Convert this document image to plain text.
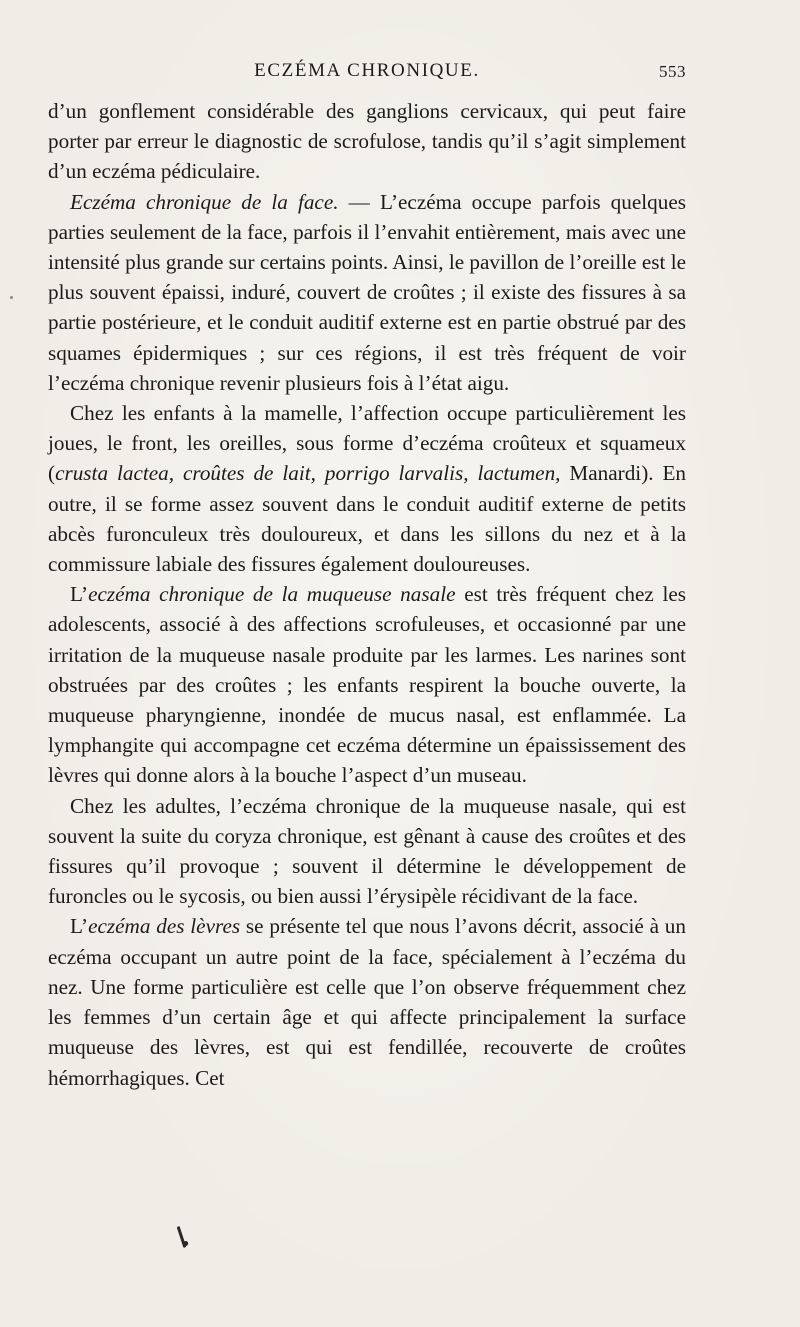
ECZÉMA CHRONIQUE.	553

d’un gonflement considérable des ganglions cervicaux, qui peut faire porter par erreur le diagnostic de scrofulose, tandis qu’il s’agit simplement d’un eczéma pédiculaire.

Eczéma chronique de la face. — L’eczéma occupe parfois quelques parties seulement de la face, parfois il l’envahit entièrement, mais avec une intensité plus grande sur certains points. Ainsi, le pavillon de l’oreille est le plus souvent épaissi, induré, couvert de croûtes ; il existe des fissures à sa partie postérieure, et le conduit auditif externe est en partie obstrué par des squames épidermiques ; sur ces régions, il est très fréquent de voir l’eczéma chronique revenir plusieurs fois à l’état aigu.

Chez les enfants à la mamelle, l’affection occupe particulièrement les joues, le front, les oreilles, sous forme d’eczéma croûteux et squameux (crusta lactea, croûtes de lait, porrigo larvalis, lactumen, Manardi). En outre, il se forme assez souvent dans le conduit auditif externe de petits abcès furonculeux très douloureux, et dans les sillons du nez et à la commissure labiale des fissures également douloureuses.

L’eczéma chronique de la muqueuse nasale est très fréquent chez les adolescents, associé à des affections scrofuleuses, et occasionné par une irritation de la muqueuse nasale produite par les larmes. Les narines sont obstruées par des croûtes ; les enfants respirent la bouche ouverte, la muqueuse pharyngienne, inondée de mucus nasal, est enflammée. La lymphangite qui accompagne cet eczéma détermine un épaississement des lèvres qui donne alors à la bouche l’aspect d’un museau.

Chez les adultes, l’eczéma chronique de la muqueuse nasale, qui est souvent la suite du coryza chronique, est gênant à cause des croûtes et des fissures qu’il provoque ; souvent il détermine le développement de furoncles ou le sycosis, ou bien aussi l’érysipèle récidivant de la face.

L’eczéma des lèvres se présente tel que nous l’avons décrit, associé à un eczéma occupant un autre point de la face, spécialement à l’eczéma du nez. Une forme particulière est celle que l’on observe fréquemment chez les femmes d’un certain âge et qui affecte principalement la surface muqueuse des lèvres, est qui est fendillée, recouverte de croûtes hémorrhagiques. Cet
